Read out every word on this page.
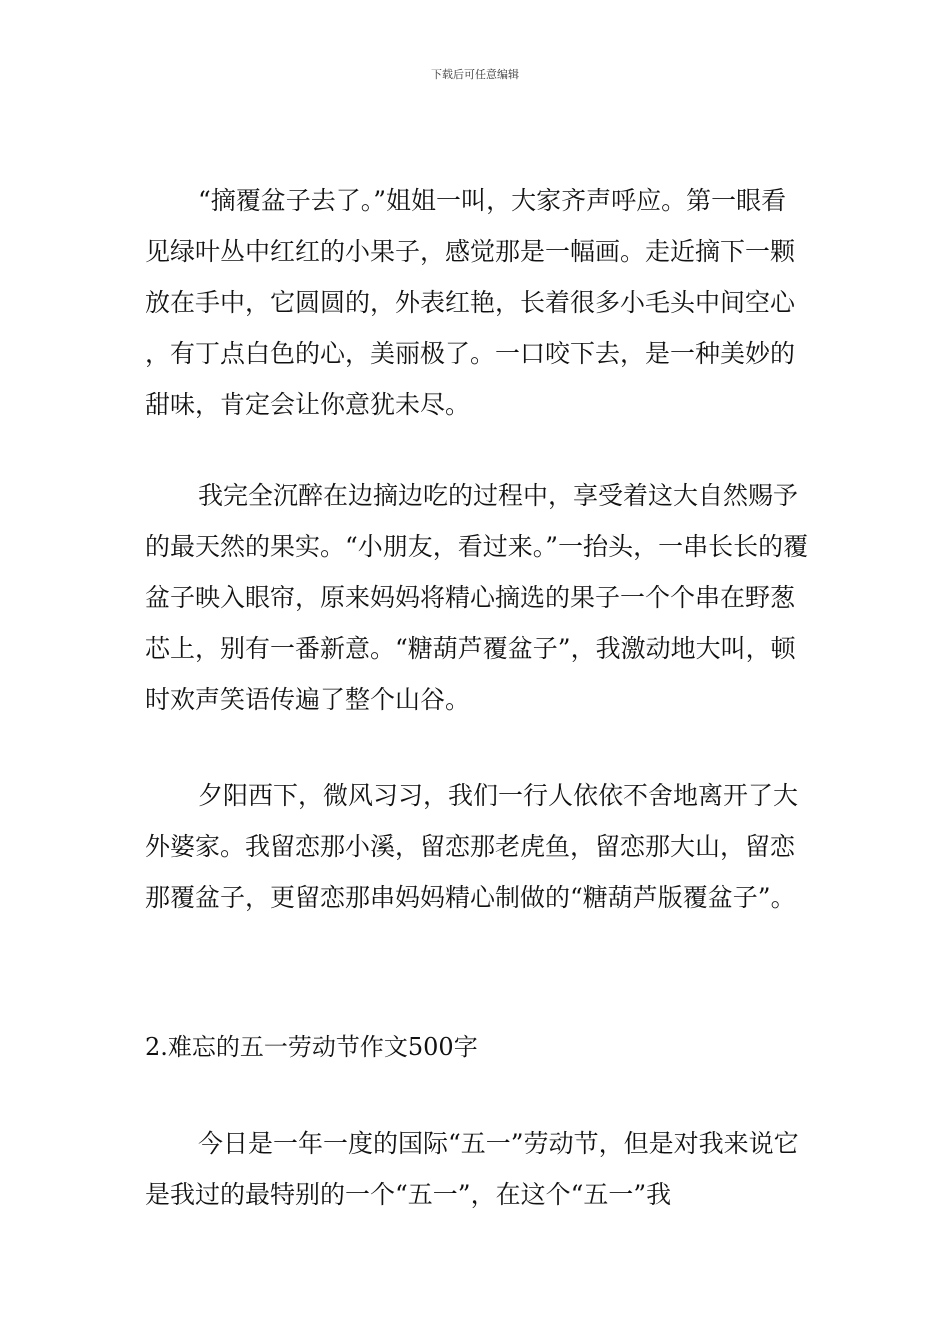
下载后可任意编辑

“摘覆盆子去了。”姐姐一叫，大家齐声呼应。第一眼看见绿叶丛中红红的小果子，感觉那是一幅画。走近摘下一颗放在手中，它圆圆的，外表红艳，长着很多小毛头中间空心，有丁点白色的心，美丽极了。一口咬下去，是一种美妙的甜味，肯定会让你意犹未尽。

我完全沉醉在边摘边吃的过程中，享受着这大自然赐予的最天然的果实。“小朋友，看过来。”一抬头，一串长长的覆盆子映入眼帘，原来妈妈将精心摘选的果子一个个串在野葱芯上，别有一番新意。“糖葫芦覆盆子”，我激动地大叫，顿时欢声笑语传遍了整个山谷。

夕阳西下，微风习习，我们一行人依依不舍地离开了大外婆家。我留恋那小溪，留恋那老虎鱼，留恋那大山，留恋那覆盆子，更留恋那串妈妈精心制做的“糖葫芦版覆盆子”。

2.难忘的五一劳动节作文500字

今日是一年一度的国际“五一”劳动节，但是对我来说它是我过的最特别的一个“五一”，在这个“五一”我
